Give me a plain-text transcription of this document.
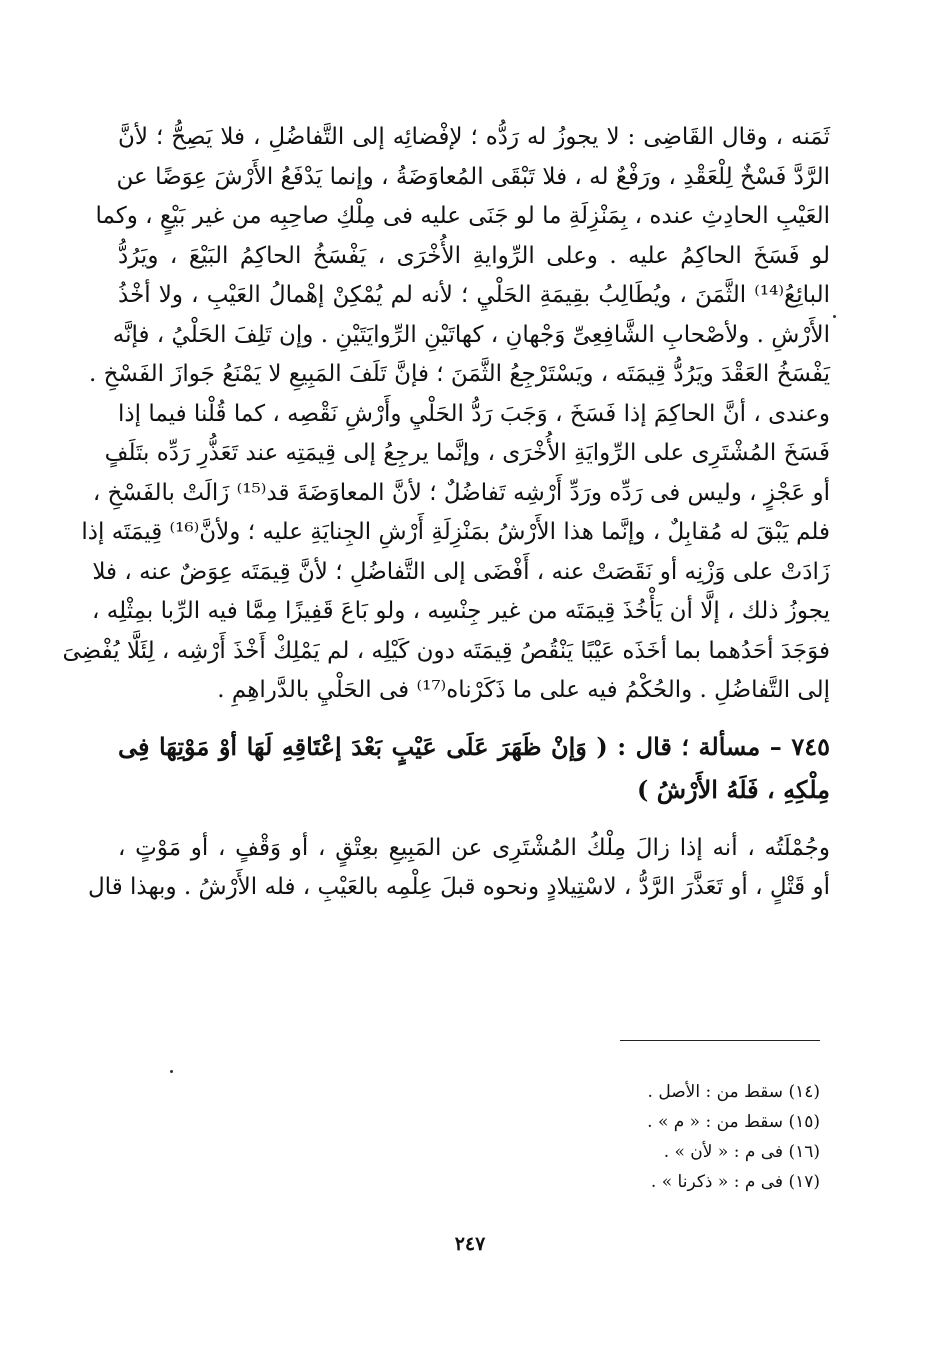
ثَمَنه ، وقال القَاضِى : لا يجوزُ له رَدُّه ؛ لإفْضائِه إلى التَّفاضُلِ ، فلا يَصِحُّ ؛ لأنَّ
الرَّدَّ فَسْخٌ لِلْعَقْدِ ، ورَفْعٌ له ، فلا تَبْقَى المُعاوَضَةُ ، وإنما يَدْفَعُ الأَرْشَ عِوَضًا عن
العَيْبِ الحادِثِ عنده ، بِمَنْزِلَةِ ما لو جَنَى عليه فى مِلْكِ صاحِبِه من غير بَيْعٍ ، وكما
لو فَسَخَ الحاكِمُ عليه . وعلى الرِّوايةِ الأُخْرَى ، يَفْسَخُ الحاكِمُ البَيْعَ ، ويَرُدُّ
البائِعُ⁽¹⁴⁾ الثَّمَنَ ، ويُطَالِبُ بقِيمَةِ الحَلْيِ ؛ لأنه لم يُمْكِنْ إهْمالُ العَيْبِ ، ولا أخْذُ
الأَرْشِ . ولأصْحابِ الشَّافِعِىِّ وَجْهانِ ، كهاتَيْنِ الرِّوايَتَيْنِ . وإن تَلِفَ الحَلْيُ ، فإنَّه
يَفْسَخُ العَقْدَ ويَرُدُّ قِيمَتَه ، ويَسْتَرْجِعُ الثَّمَنَ ؛ فإنَّ تَلَفَ المَبِيعِ لا يَمْنَعُ جَوازَ الفَسْخِ .
وعندى ، أنَّ الحاكِمَ إذا فَسَخَ ، وَجَبَ رَدُّ الحَلْيِ وأَرْشِ نَقْصِه ، كما قُلْنا فيما إذا
فَسَخَ المُشْتَرِى على الرِّوايَةِ الأُخْرَى ، وإنَّما يرجِعُ إلى قِيمَتِه عند تَعَذُّرِ رَدِّه بتَلَفٍ
أو عَجْزٍ ، وليس فى رَدِّه ورَدِّ أَرْشِه تَفاضُلٌ ؛ لأنَّ المعاوَضَةَ قد⁽¹⁵⁾ زَالَتْ بالفَسْخِ ،
فلم يَبْقَ له مُقابِلٌ ، وإنَّما هذا الأَرْشُ بمَنْزِلَةِ أَرْشِ الجِنايَةِ عليه ؛ ولأنَّ⁽¹⁶⁾ قِيمَتَه إذا
زَادَتْ على وَزْنِه أو نَقَصَتْ عنه ، أَفْضَى إلى التَّفاضُلِ ؛ لأنَّ قِيمَتَه عِوَضٌ عنه ، فلا
يجوزُ ذلك ، إلَّا أن يَأْخُذَ قِيمَتَه من غير جِنْسِه ، ولو بَاعَ قَفِيزًا مِمَّا فيه الرِّبا بمِثْلِه ،
فوَجَدَ أحَدُهما بما أخَذَه عَيْبًا يَنْقُصُ قِيمَتَه دون كَيْلِه ، لم يَمْلِكْ أَخْذَ أَرْشِه ، لِئَلَّا يُفْضِىَ
إلى التَّفاضُلِ . والحُكْمُ فيه على ما ذَكَرْناه⁽¹⁷⁾ فى الحَلْيِ بالدَّراهِمِ .
٧٤٥ – مسألة ؛ قال : ( وَإنْ ظَهَرَ عَلَى عَيْبٍ بَعْدَ إعْتَاقِهِ لَهَا أوْ مَوْتِهَا فِى
مِلْكِهِ ، فَلَهُ الأَرْشُ )
وجُمْلَتُه ، أنه إذا زالَ مِلْكُ المُشْتَرِى عن المَبِيعِ بعِتْقٍ ، أو وَقْفٍ ، أو مَوْتٍ ،
أو قَتْلٍ ، أو تَعَذَّرَ الرَّدُّ ، لاسْتِيلادٍ ونحوه قبلَ عِلْمِه بالعَيْبِ ، فله الأَرْشُ . وبهذا قال
(١٤) سقط من : الأصل .
(١٥) سقط من : « م » .
(١٦) فى م : « لأن » .
(١٧) فى م : « ذكرنا » .
٢٤٧
